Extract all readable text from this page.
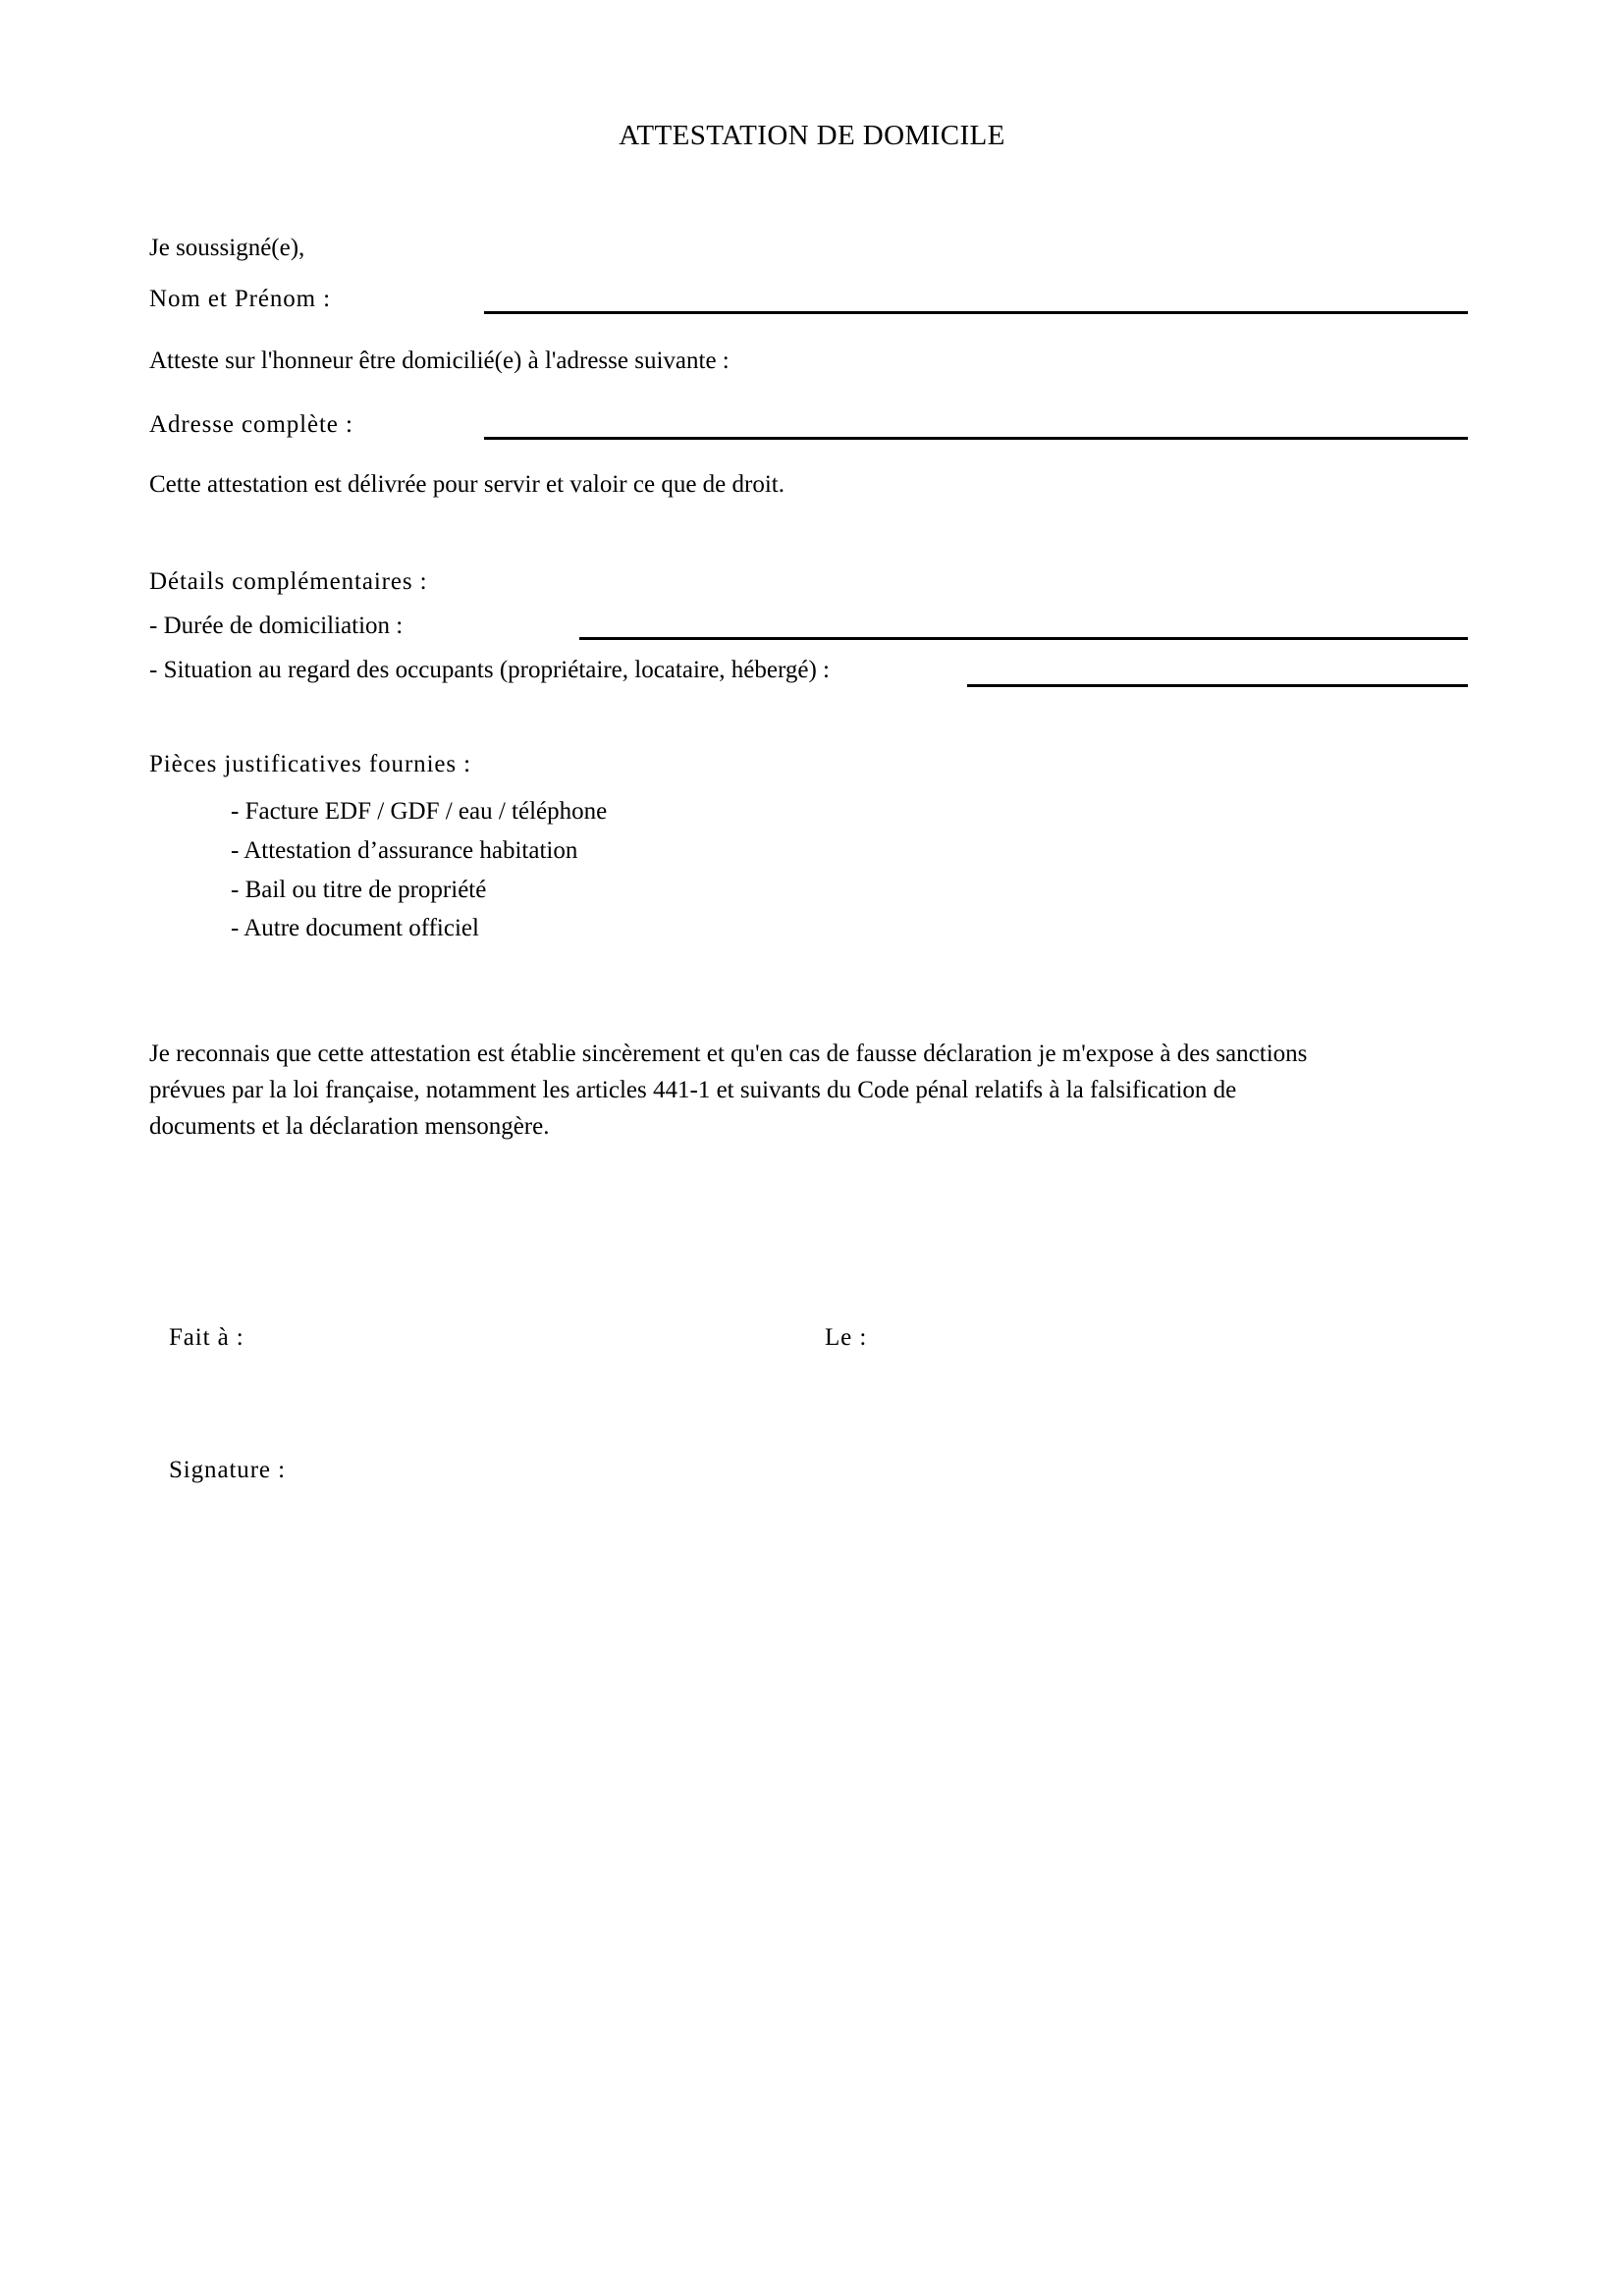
ATTESTATION DE DOMICILE
Je soussigné(e),
Nom et Prénom :
Atteste sur l'honneur être domicilié(e) à l'adresse suivante :
Adresse complète :
Cette attestation est délivrée pour servir et valoir ce que de droit.
Détails complémentaires :
- Durée de domiciliation :
- Situation au regard des occupants (propriétaire, locataire, hébergé) :
Pièces justificatives fournies :
- Facture EDF / GDF / eau / téléphone
- Attestation d’assurance habitation
- Bail ou titre de propriété
- Autre document officiel
Je reconnais que cette attestation est établie sincèrement et qu'en cas de fausse déclaration je m'expose à des sanctions
prévues par la loi française, notamment les articles 441-1 et suivants du Code pénal relatifs à la falsification de
documents et la déclaration mensongère.
Fait à :	Le :
Signature :
